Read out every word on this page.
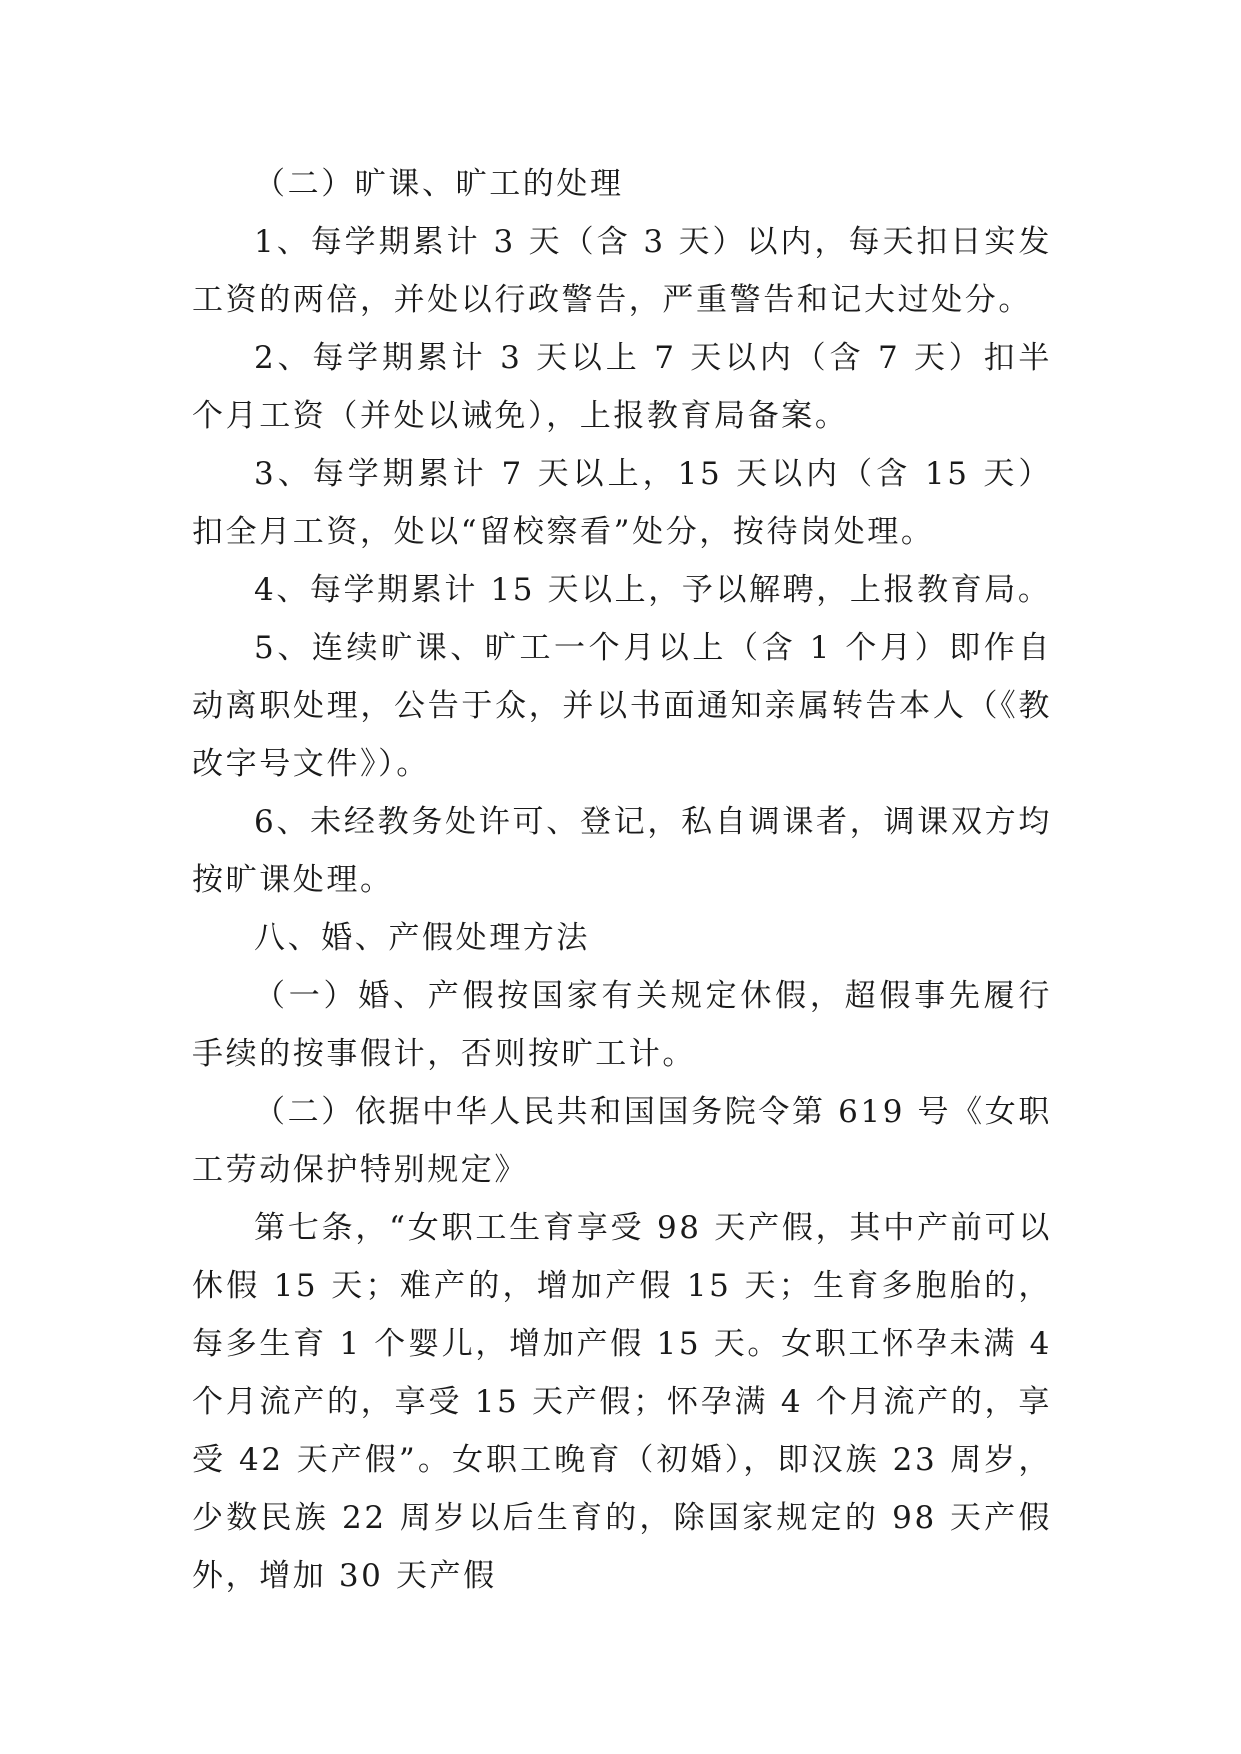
（二）旷课、旷工的处理

1、每学期累计 3 天（含 3 天）以内，每天扣日实发工资的两倍，并处以行政警告，严重警告和记大过处分。

2、每学期累计 3 天以上 7 天以内（含 7 天）扣半个月工资（并处以诫免），上报教育局备案。

3、每学期累计 7 天以上，15 天以内（含 15 天）扣全月工资，处以“留校察看”处分，按待岗处理。

4、每学期累计 15 天以上，予以解聘，上报教育局。

5、连续旷课、旷工一个月以上（含 1 个月）即作自动离职处理，公告于众，并以书面通知亲属转告本人（《教改字号文件》）。

6、未经教务处许可、登记，私自调课者，调课双方均按旷课处理。

八、婚、产假处理方法

（一）婚、产假按国家有关规定休假，超假事先履行手续的按事假计，否则按旷工计。

（二）依据中华人民共和国国务院令第 619 号《女职工劳动保护特别规定》

第七条，“女职工生育享受 98 天产假，其中产前可以休假 15 天；难产的，增加产假 15 天；生育多胞胎的，每多生育 1 个婴儿，增加产假 15 天。女职工怀孕未满 4 个月流产的，享受 15 天产假；怀孕满 4 个月流产的，享受 42 天产假”。女职工晚育（初婚），即汉族 23 周岁，少数民族 22 周岁以后生育的，除国家规定的 98 天产假外，增加 30 天产假
